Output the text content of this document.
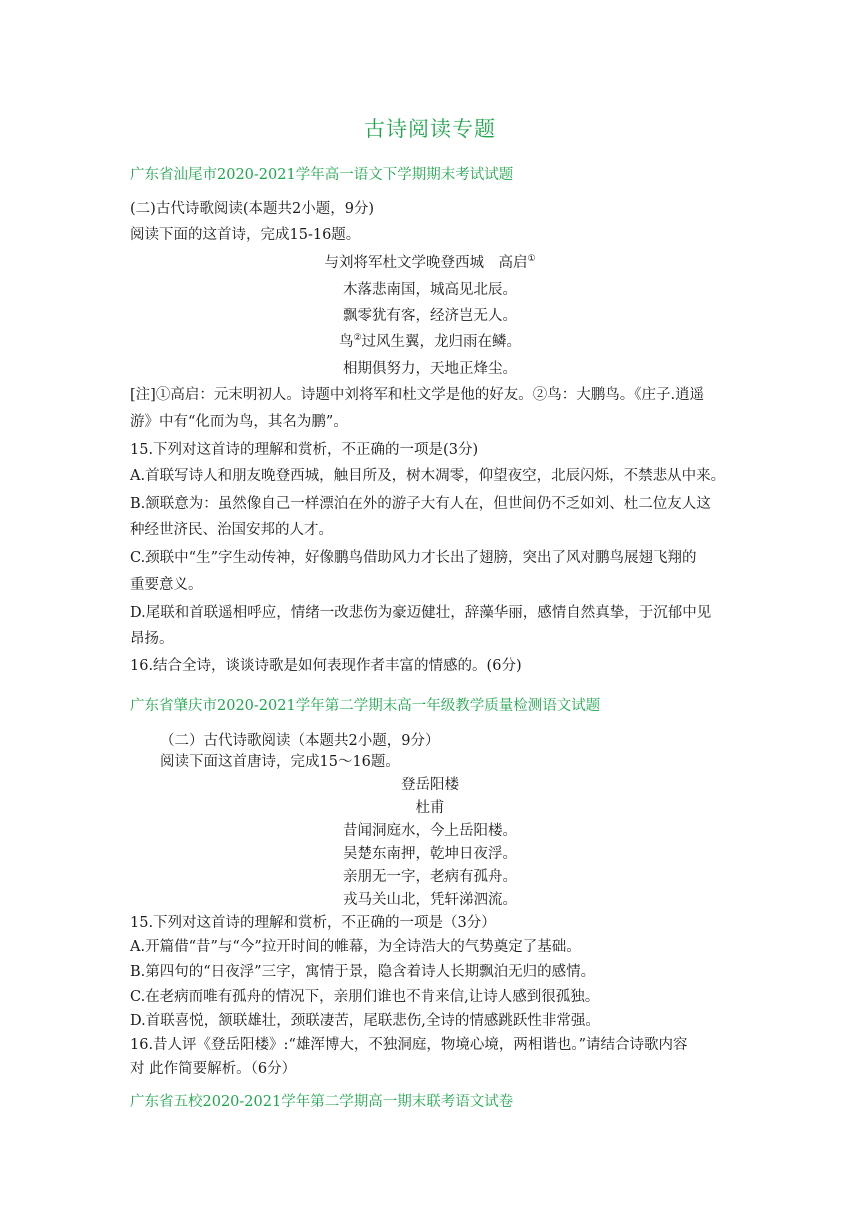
古诗阅读专题
广东省汕尾市2020-2021学年高一语文下学期期末考试试题
(二)古代诗歌阅读(本题共2小题，9分)
阅读下面的这首诗，完成15-16题。
与刘将军杜文学晚登西城　高启①
木落悲南国，城高见北辰。
飘零犹有客，经济岂无人。
鸟②过风生翼，龙归雨在鳞。
相期俱努力，天地正烽尘。
[注]①高启：元末明初人。诗题中刘将军和杜文学是他的好友。②鸟：大鹏鸟。《庄子.逍遥
游》中有“化而为鸟，其名为鹏”。
15.下列对这首诗的理解和赏析，不正确的一项是(3分)
A.首联写诗人和朋友晚登西城，触目所及，树木凋零，仰望夜空，北辰闪烁，不禁悲从中来。
B.颔联意为：虽然像自己一样漂泊在外的游子大有人在，但世间仍不乏如刘、杜二位友人这
种经世济民、治国安邦的人才。
C.颈联中“生”字生动传神，好像鹏鸟借助风力才长出了翅膀，突出了风对鹏鸟展翅飞翔的
重要意义。
D.尾联和首联遥相呼应，情绪一改悲伤为豪迈健壮，辞藻华丽，感情自然真挚，于沉郁中见
昂扬。
16.结合全诗，谈谈诗歌是如何表现作者丰富的情感的。(6分)
广东省肇庆市2020-2021学年第二学期末高一年级教学质量检测语文试题
（二）古代诗歌阅读（本题共2小题，9分）
阅读下面这首唐诗，完成15～16题。
登岳阳楼
杜甫
昔闻洞庭水，今上岳阳楼。
吴楚东南押，乾坤日夜浮。
亲朋无一字，老病有孤舟。
戎马关山北，凭轩涕泗流。
15.下列对这首诗的理解和赏析，不正确的一项是（3分）
A.开篇借“昔”与“今”拉开时间的帷幕，为全诗浩大的气势奠定了基础。
B.第四句的“日夜浮”三字，寓情于景，隐含着诗人长期飘泊无归的感情。
C.在老病而唯有孤舟的情况下，亲朋们谁也不肯来信,让诗人感到很孤独。
D.首联喜悦，颔联雄壮，颈联凄苦，尾联悲伤,全诗的情感跳跃性非常强。
16.昔人评《登岳阳楼》:“雄浑博大，不独洞庭，物境心境，两相谐也。”请结合诗歌内容
对 此作简要解析。（6分）
广东省五校2020-2021学年第二学期高一期末联考语文试卷
